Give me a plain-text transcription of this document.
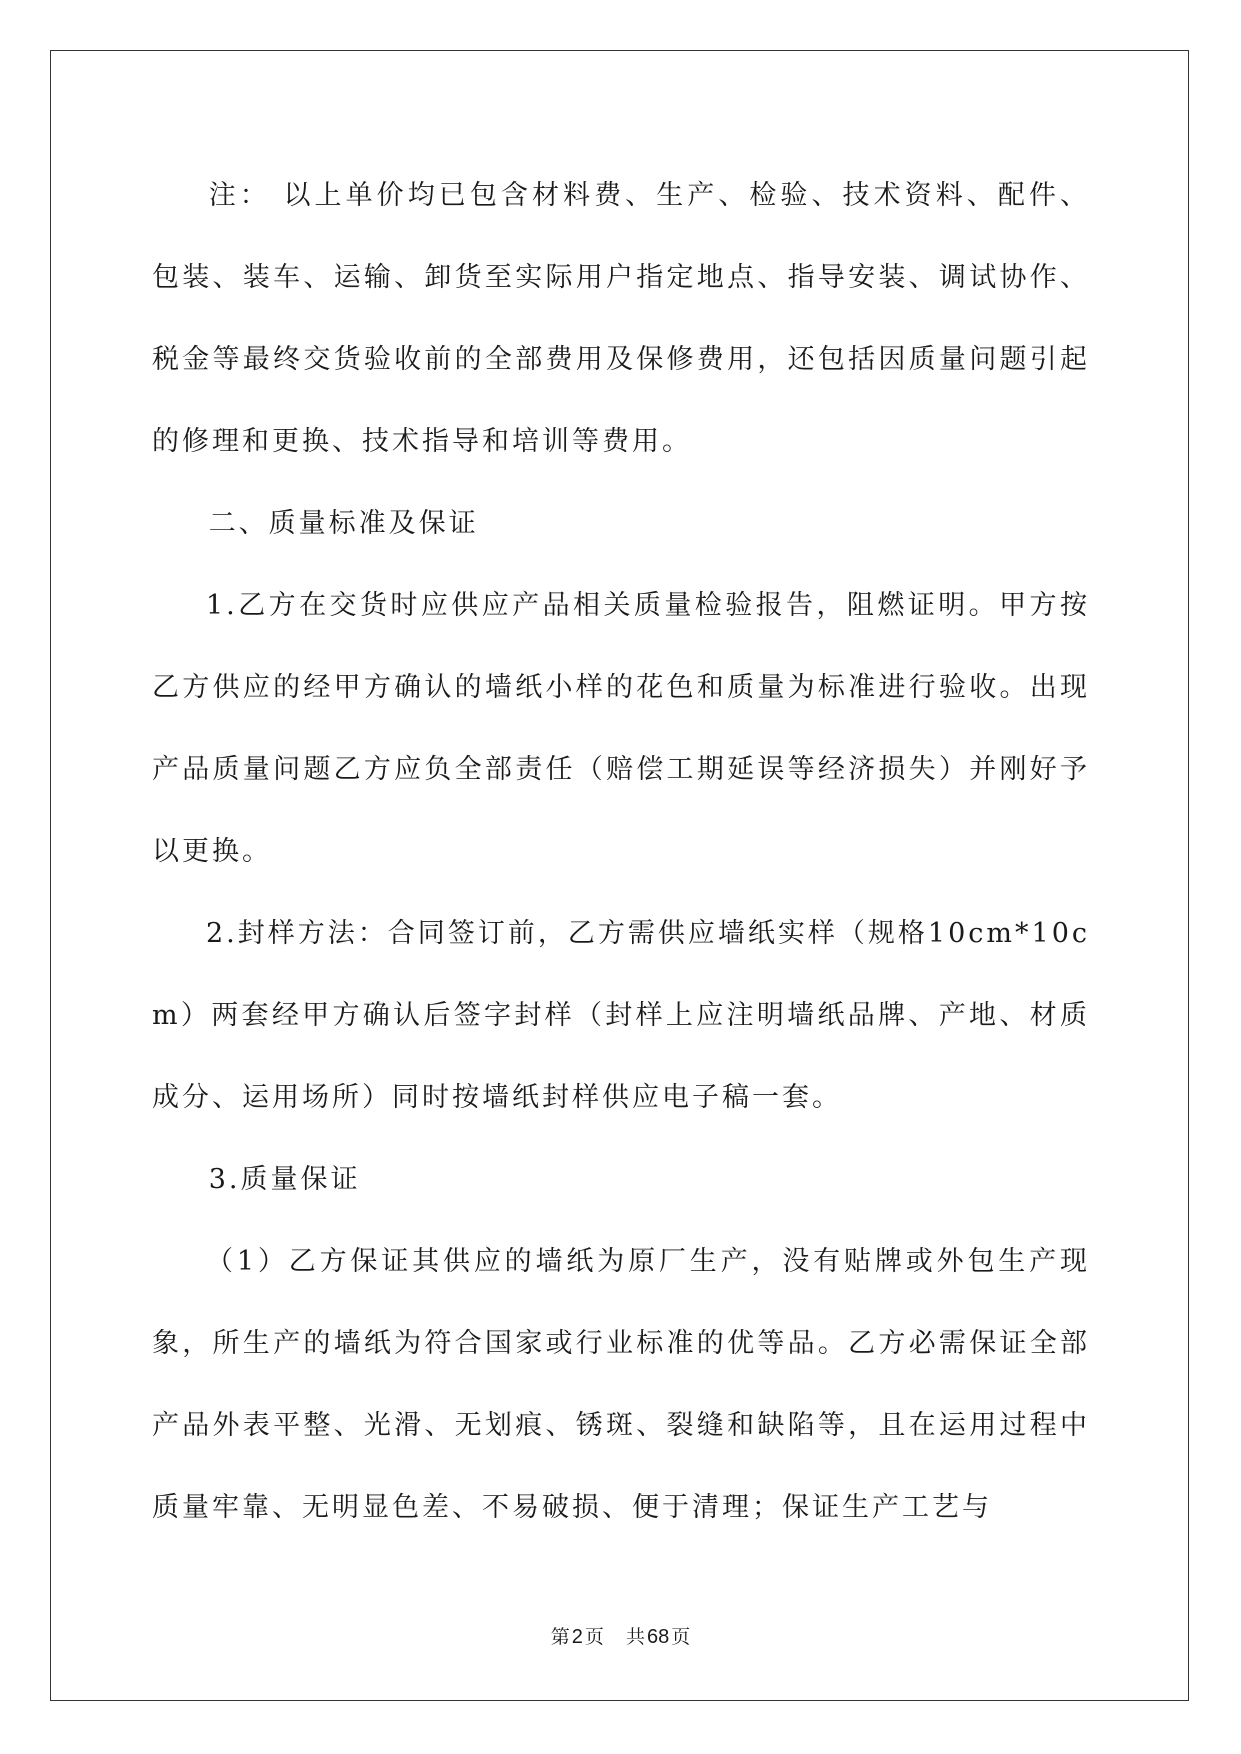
注： 以上单价均已包含材料费、生产、检验、技术资料、配件、包装、装车、运输、卸货至实际用户指定地点、指导安装、调试协作、税金等最终交货验收前的全部费用及保修费用，还包括因质量问题引起的修理和更换、技术指导和培训等费用。

二、质量标准及保证

1.乙方在交货时应供应产品相关质量检验报告，阻燃证明。甲方按乙方供应的经甲方确认的墙纸小样的花色和质量为标准进行验收。出现产品质量问题乙方应负全部责任（赔偿工期延误等经济损失）并刚好予以更换。

2.封样方法：合同签订前，乙方需供应墙纸实样（规格10cm*10cm）两套经甲方确认后签字封样（封样上应注明墙纸品牌、产地、材质成分、运用场所）同时按墙纸封样供应电子稿一套。

3.质量保证

（1）乙方保证其供应的墙纸为原厂生产，没有贴牌或外包生产现象，所生产的墙纸为符合国家或行业标准的优等品。乙方必需保证全部产品外表平整、光滑、无划痕、锈斑、裂缝和缺陷等，且在运用过程中质量牢靠、无明显色差、不易破损、便于清理；保证生产工艺与

第 2 页 共 68 页
